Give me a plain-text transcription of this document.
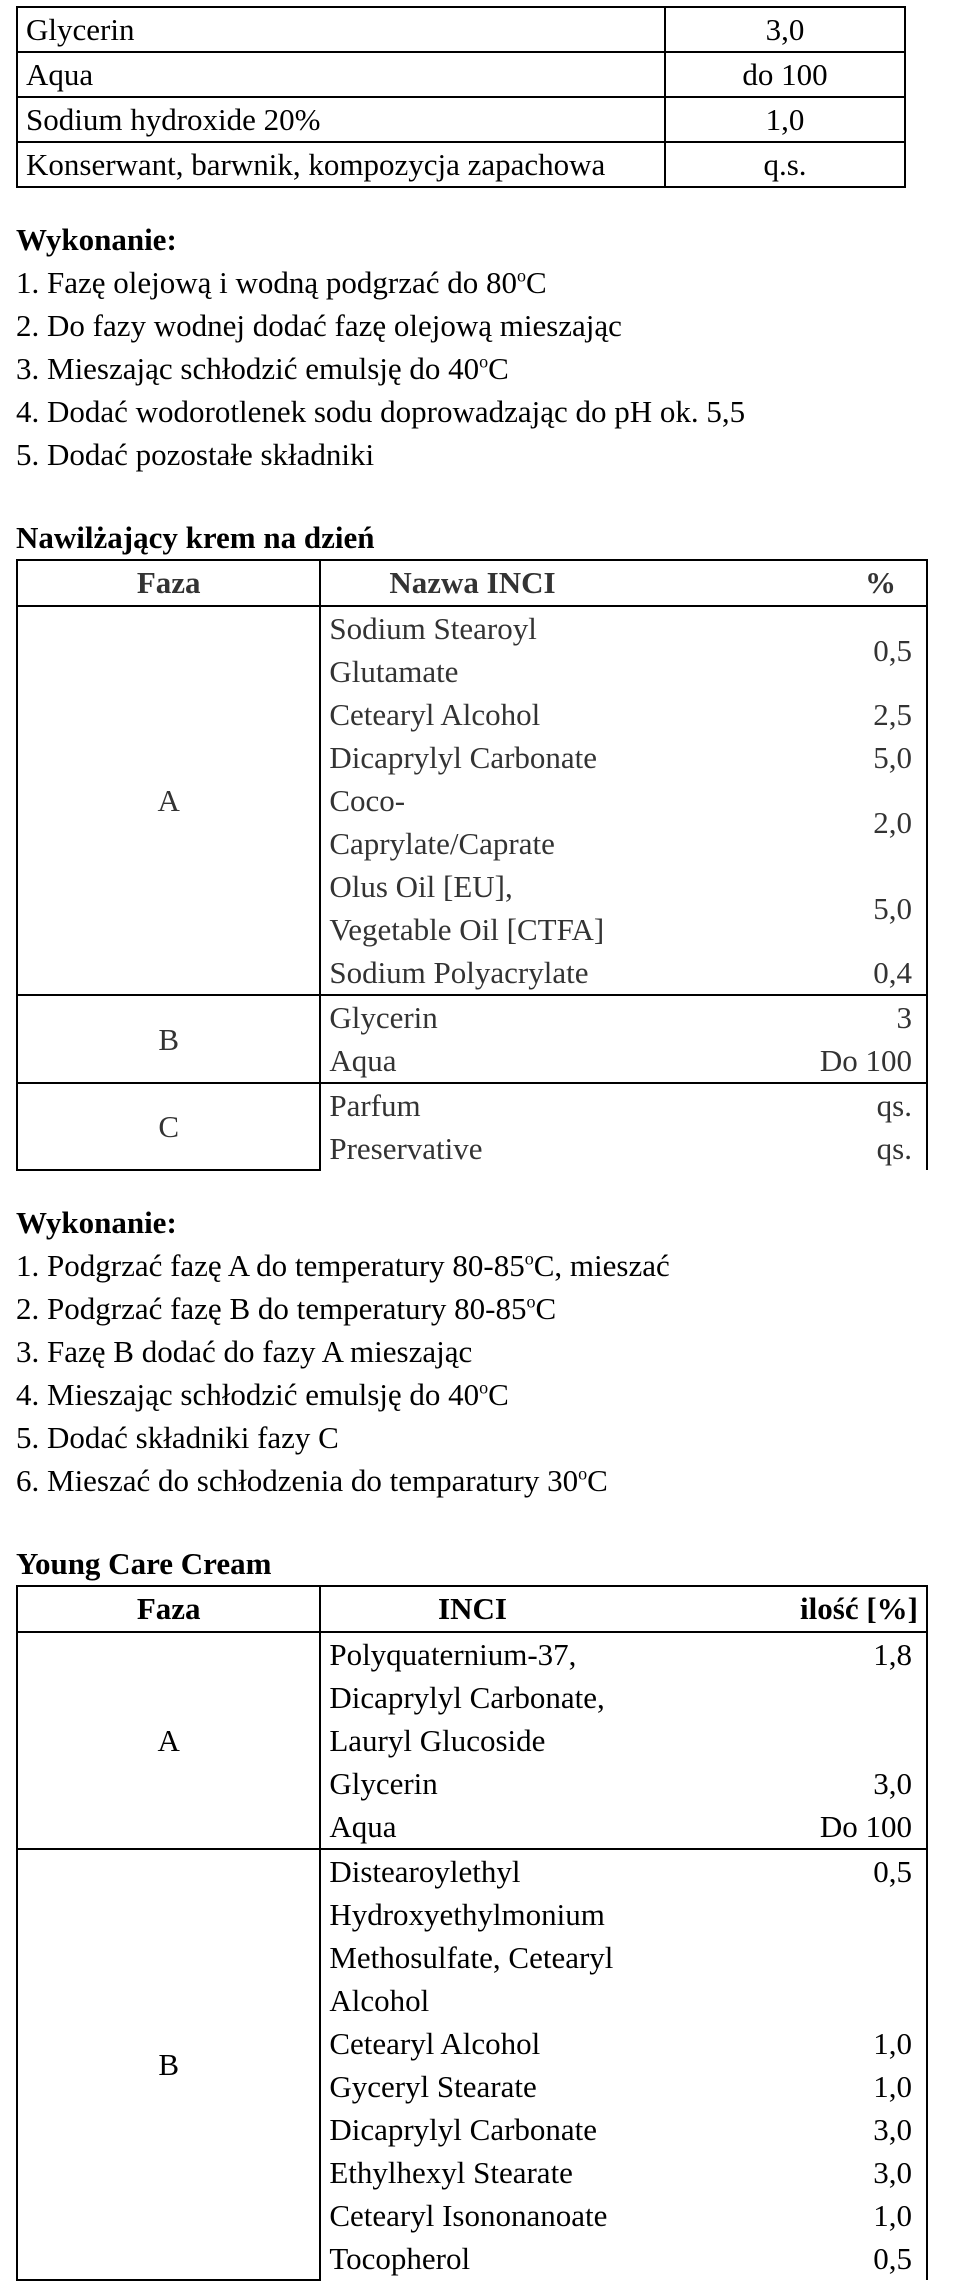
Glycerin	3,0
Aqua	do 100
Sodium hydroxide 20%	1,0
Konserwant, barwnik, kompozycja zapachowa	q.s.
Wykonanie:
1. Fazę olejową i wodną podgrzać do 80$^o$C
2. Do fazy wodnej dodać fazę olejową mieszając
3. Mieszając schłodzić emulsję do 40$^o$C
4. Dodać wodorotlenek sodu doprowadzając do pH ok. 5,5
5. Dodać pozostałe składniki
Nawilżający krem na dzień
Faza	Nazwa INCI	%
A	Sodium Stearoyl Glutamate	0,5
	Cetearyl Alcohol	2,5
	Dicaprylyl Carbonate	5,0
	Coco-Caprylate/Caprate	2,0
	Olus Oil [EU], Vegetable Oil [CTFA]	5,0
	Sodium Polyacrylate	0,4
B	Glycerin	3
	Aqua	Do 100
C	Parfum	qs.
	Preservative	qs.
Wykonanie:
1. Podgrzać fazę A do temperatury 80-85$^o$C, mieszać
2. Podgrzać fazę B do temperatury 80-85$^o$C
3. Fazę B dodać do fazy A mieszając
4. Mieszając schłodzić emulsję do 40$^o$C
5. Dodać składniki fazy C
6. Mieszać do schłodzenia do temparatury 30$^o$C
Young Care Cream
Faza	INCI	ilość [%]
A	Polyquaternium-37, Dicaprylyl Carbonate, Lauryl Glucoside	1,8
	Glycerin	3,0
	Aqua	Do 100
B	Distearoylethyl Hydroxyethylmonium Methosulfate, Cetearyl Alcohol	0,5
	Cetearyl Alcohol	1,0
	Gyceryl Stearate	1,0
	Dicaprylyl Carbonate	3,0
	Ethylhexyl Stearate	3,0
	Cetearyl Isononanoate	1,0
	Tocopherol	0,5
